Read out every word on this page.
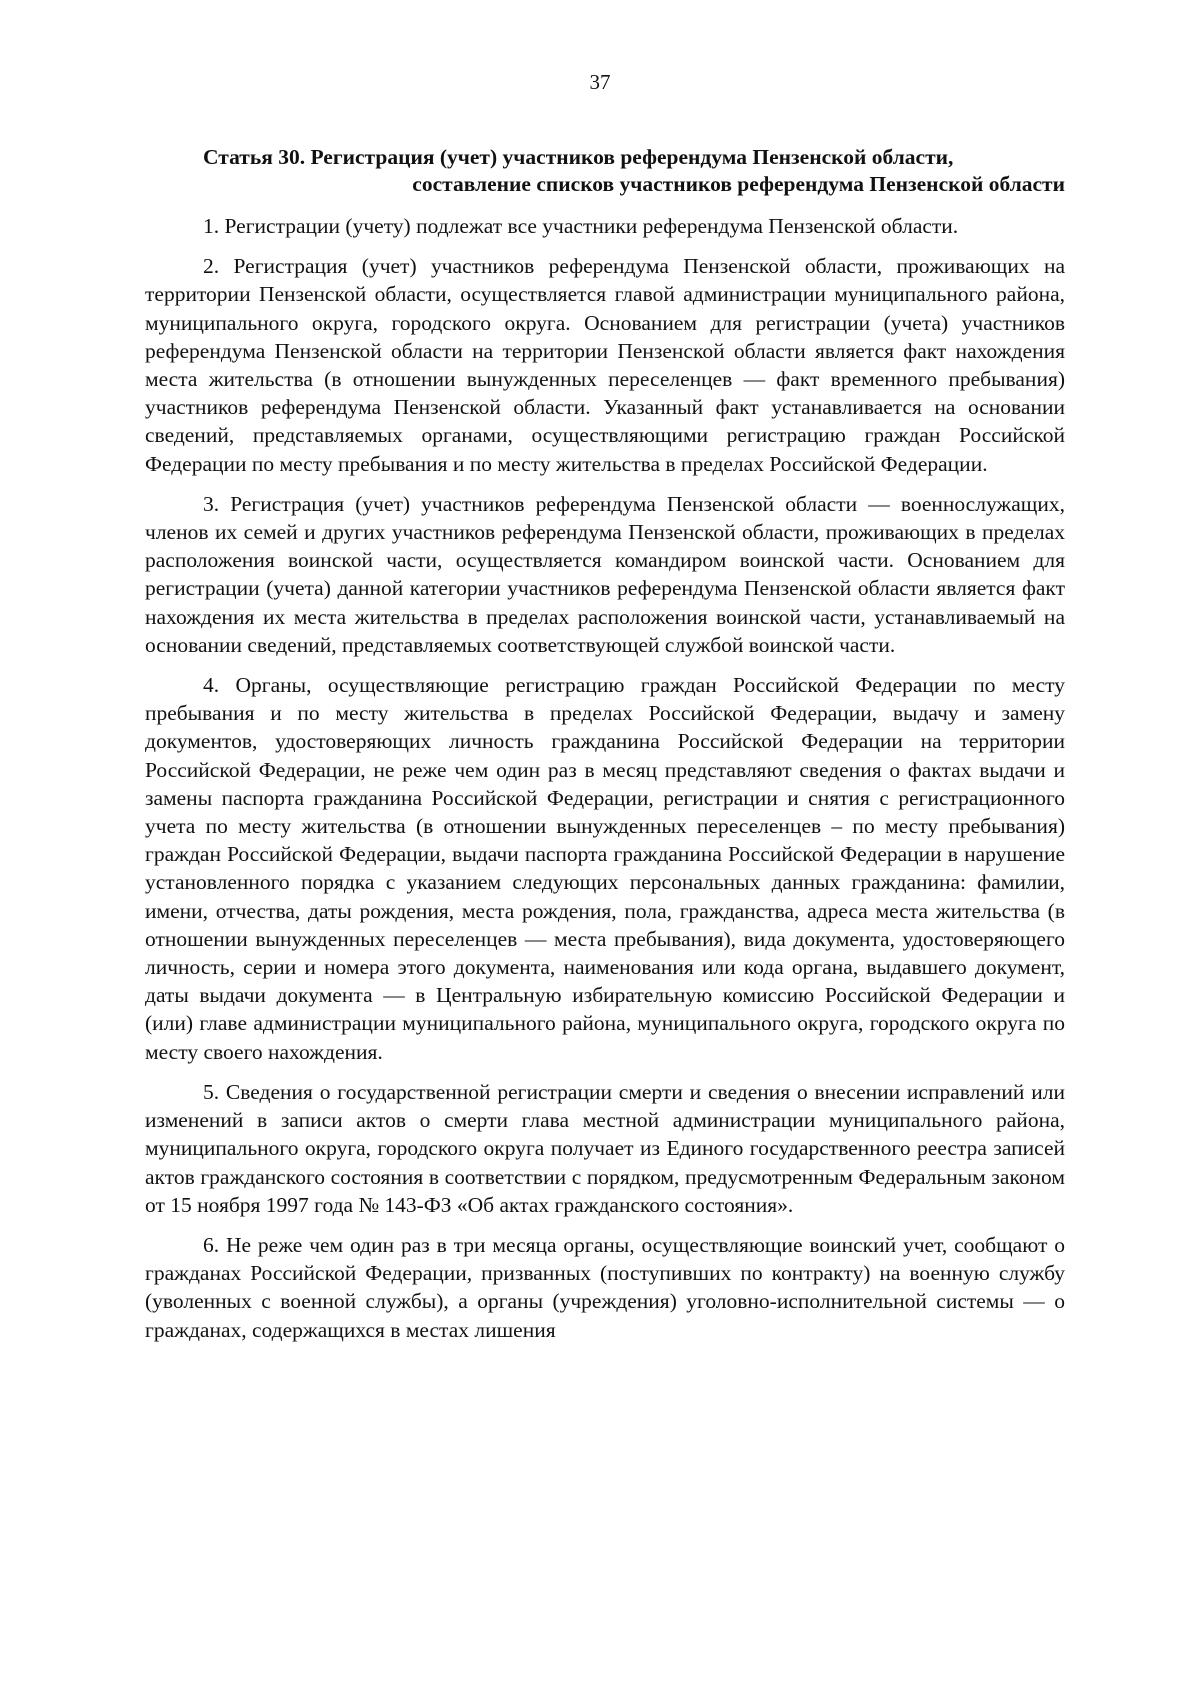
37
Статья 30. Регистрация (учет) участников референдума Пензенской области,
составление списков участников референдума Пензенской области

1. Регистрации (учету) подлежат все участники референдума Пензенской области.

2. Регистрация (учет) участников референдума Пензенской области, проживающих на территории Пензенской области, осуществляется главой администрации муниципального района, муниципального округа, городского округа. Основанием для регистрации (учета) участников референдума Пензенской области на территории Пензенской области является факт нахождения места жительства (в отношении вынужденных переселенцев — факт временного пребывания) участников референдума Пензенской области. Указанный факт устанавливается на основании сведений, представляемых органами, осуществляющими регистрацию граждан Российской Федерации по месту пребывания и по месту жительства в пределах Российской Федерации.

3. Регистрация (учет) участников референдума Пензенской области — военнослужащих, членов их семей и других участников референдума Пензенской области, проживающих в пределах расположения воинской части, осуществляется командиром воинской части. Основанием для регистрации (учета) данной категории участников референдума Пензенской области является факт нахождения их места жительства в пределах расположения воинской части, устанавливаемый на основании сведений, представляемых соответствующей службой воинской части.

4. Органы, осуществляющие регистрацию граждан Российской Федерации по месту пребывания и по месту жительства в пределах Российской Федерации, выдачу и замену документов, удостоверяющих личность гражданина Российской Федерации на территории Российской Федерации, не реже чем один раз в месяц представляют сведения о фактах выдачи и замены паспорта гражданина Российской Федерации, регистрации и снятия с регистрационного учета по месту жительства (в отношении вынужденных переселенцев – по месту пребывания) граждан Российской Федерации, выдачи паспорта гражданина Российской Федерации в нарушение установленного порядка с указанием следующих персональных данных гражданина: фамилии, имени, отчества, даты рождения, места рождения, пола, гражданства, адреса места жительства (в отношении вынужденных переселенцев — места пребывания), вида документа, удостоверяющего личность, серии и номера этого документа, наименования или кода органа, выдавшего документ, даты выдачи документа — в Центральную избирательную комиссию Российской Федерации и (или) главе администрации муниципального района, муниципального округа, городского округа по месту своего нахождения.

5. Сведения о государственной регистрации смерти и сведения о внесении исправлений или изменений в записи актов о смерти глава местной администрации муниципального района, муниципального округа, городского округа получает из Единого государственного реестра записей актов гражданского состояния в соответствии с порядком, предусмотренным Федеральным законом от 15 ноября 1997 года № 143-ФЗ «Об актах гражданского состояния».

6. Не реже чем один раз в три месяца органы, осуществляющие воинский учет, сообщают о гражданах Российской Федерации, призванных (поступивших по контракту) на военную службу (уволенных с военной службы), а органы (учреждения) уголовно-исполнительной системы — о гражданах, содержащихся в местах лишения
